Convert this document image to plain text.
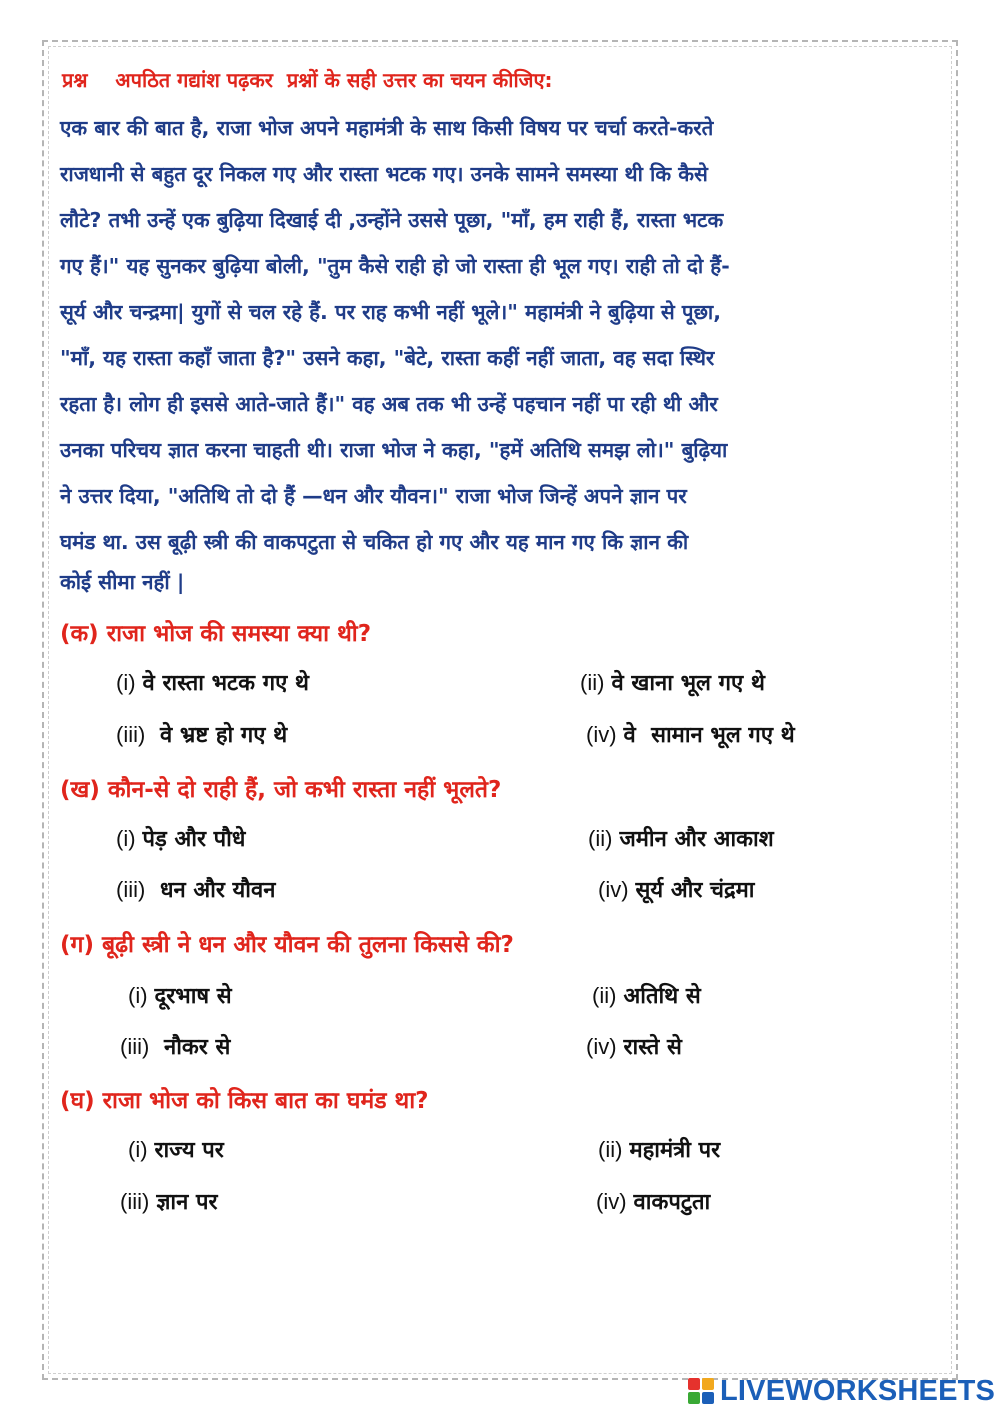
प्रश्न    अपठित गद्यांश पढ़कर  प्रश्नों के सही उत्तर का चयन कीजिए:
एक बार की बात है, राजा भोज अपने महामंत्री के साथ किसी विषय पर चर्चा करते-करते
राजधानी से बहुत दूर निकल गए और रास्ता भटक गए। उनके सामने समस्या थी कि कैसे
लौटे? तभी उन्हें एक बुढ़िया दिखाई दी ,उन्होंने उससे पूछा, "माँ, हम राही हैं, रास्ता भटक
गए हैं।" यह सुनकर बुढ़िया बोली, "तुम कैसे राही हो जो रास्ता ही भूल गए। राही तो दो हैं-
सूर्य और चन्द्रमा| युगों से चल रहे हैं. पर राह कभी नहीं भूले।" महामंत्री ने बुढ़िया से पूछा,
"माँ, यह रास्ता कहाँ जाता है?" उसने कहा, "बेटे, रास्ता कहीं नहीं जाता, वह सदा स्थिर
रहता है। लोग ही इससे आते-जाते हैं।" वह अब तक भी उन्हें पहचान नहीं पा रही थी और
उनका परिचय ज्ञात करना चाहती थी। राजा भोज ने कहा, "हमें अतिथि समझ लो।" बुढ़िया
ने उत्तर दिया, "अतिथि तो दो हैं —धन और यौवन।" राजा भोज जिन्हें अपने ज्ञान पर
घमंड था. उस बूढ़ी स्त्री की वाकपटुता से चकित हो गए और यह मान गए कि ज्ञान की
कोई सीमा नहीं |
(क) राजा भोज की समस्या क्या थी?
(i) वे रास्ता भटक गए थे	(ii) वे खाना भूल गए थे
(iii)  वे भ्रष्ट हो गए थे	(iv) वे  सामान भूल गए थे
(ख) कौन-से दो राही हैं, जो कभी रास्ता नहीं भूलते?
(i) पेड़ और पौधे	(ii) जमीन और आकाश
(iii)  धन और यौवन	(iv) सूर्य और चंद्रमा
(ग) बूढ़ी स्त्री ने धन और यौवन की तुलना किससे की?
(i) दूरभाष से	(ii) अतिथि से
(iii)  नौकर से	(iv) रास्ते से
(घ) राजा भोज को किस बात का घमंड था?
(i) राज्य पर	(ii) महामंत्री पर
(iii) ज्ञान पर	(iv) वाकपटुता
LIVEWORKSHEETS
